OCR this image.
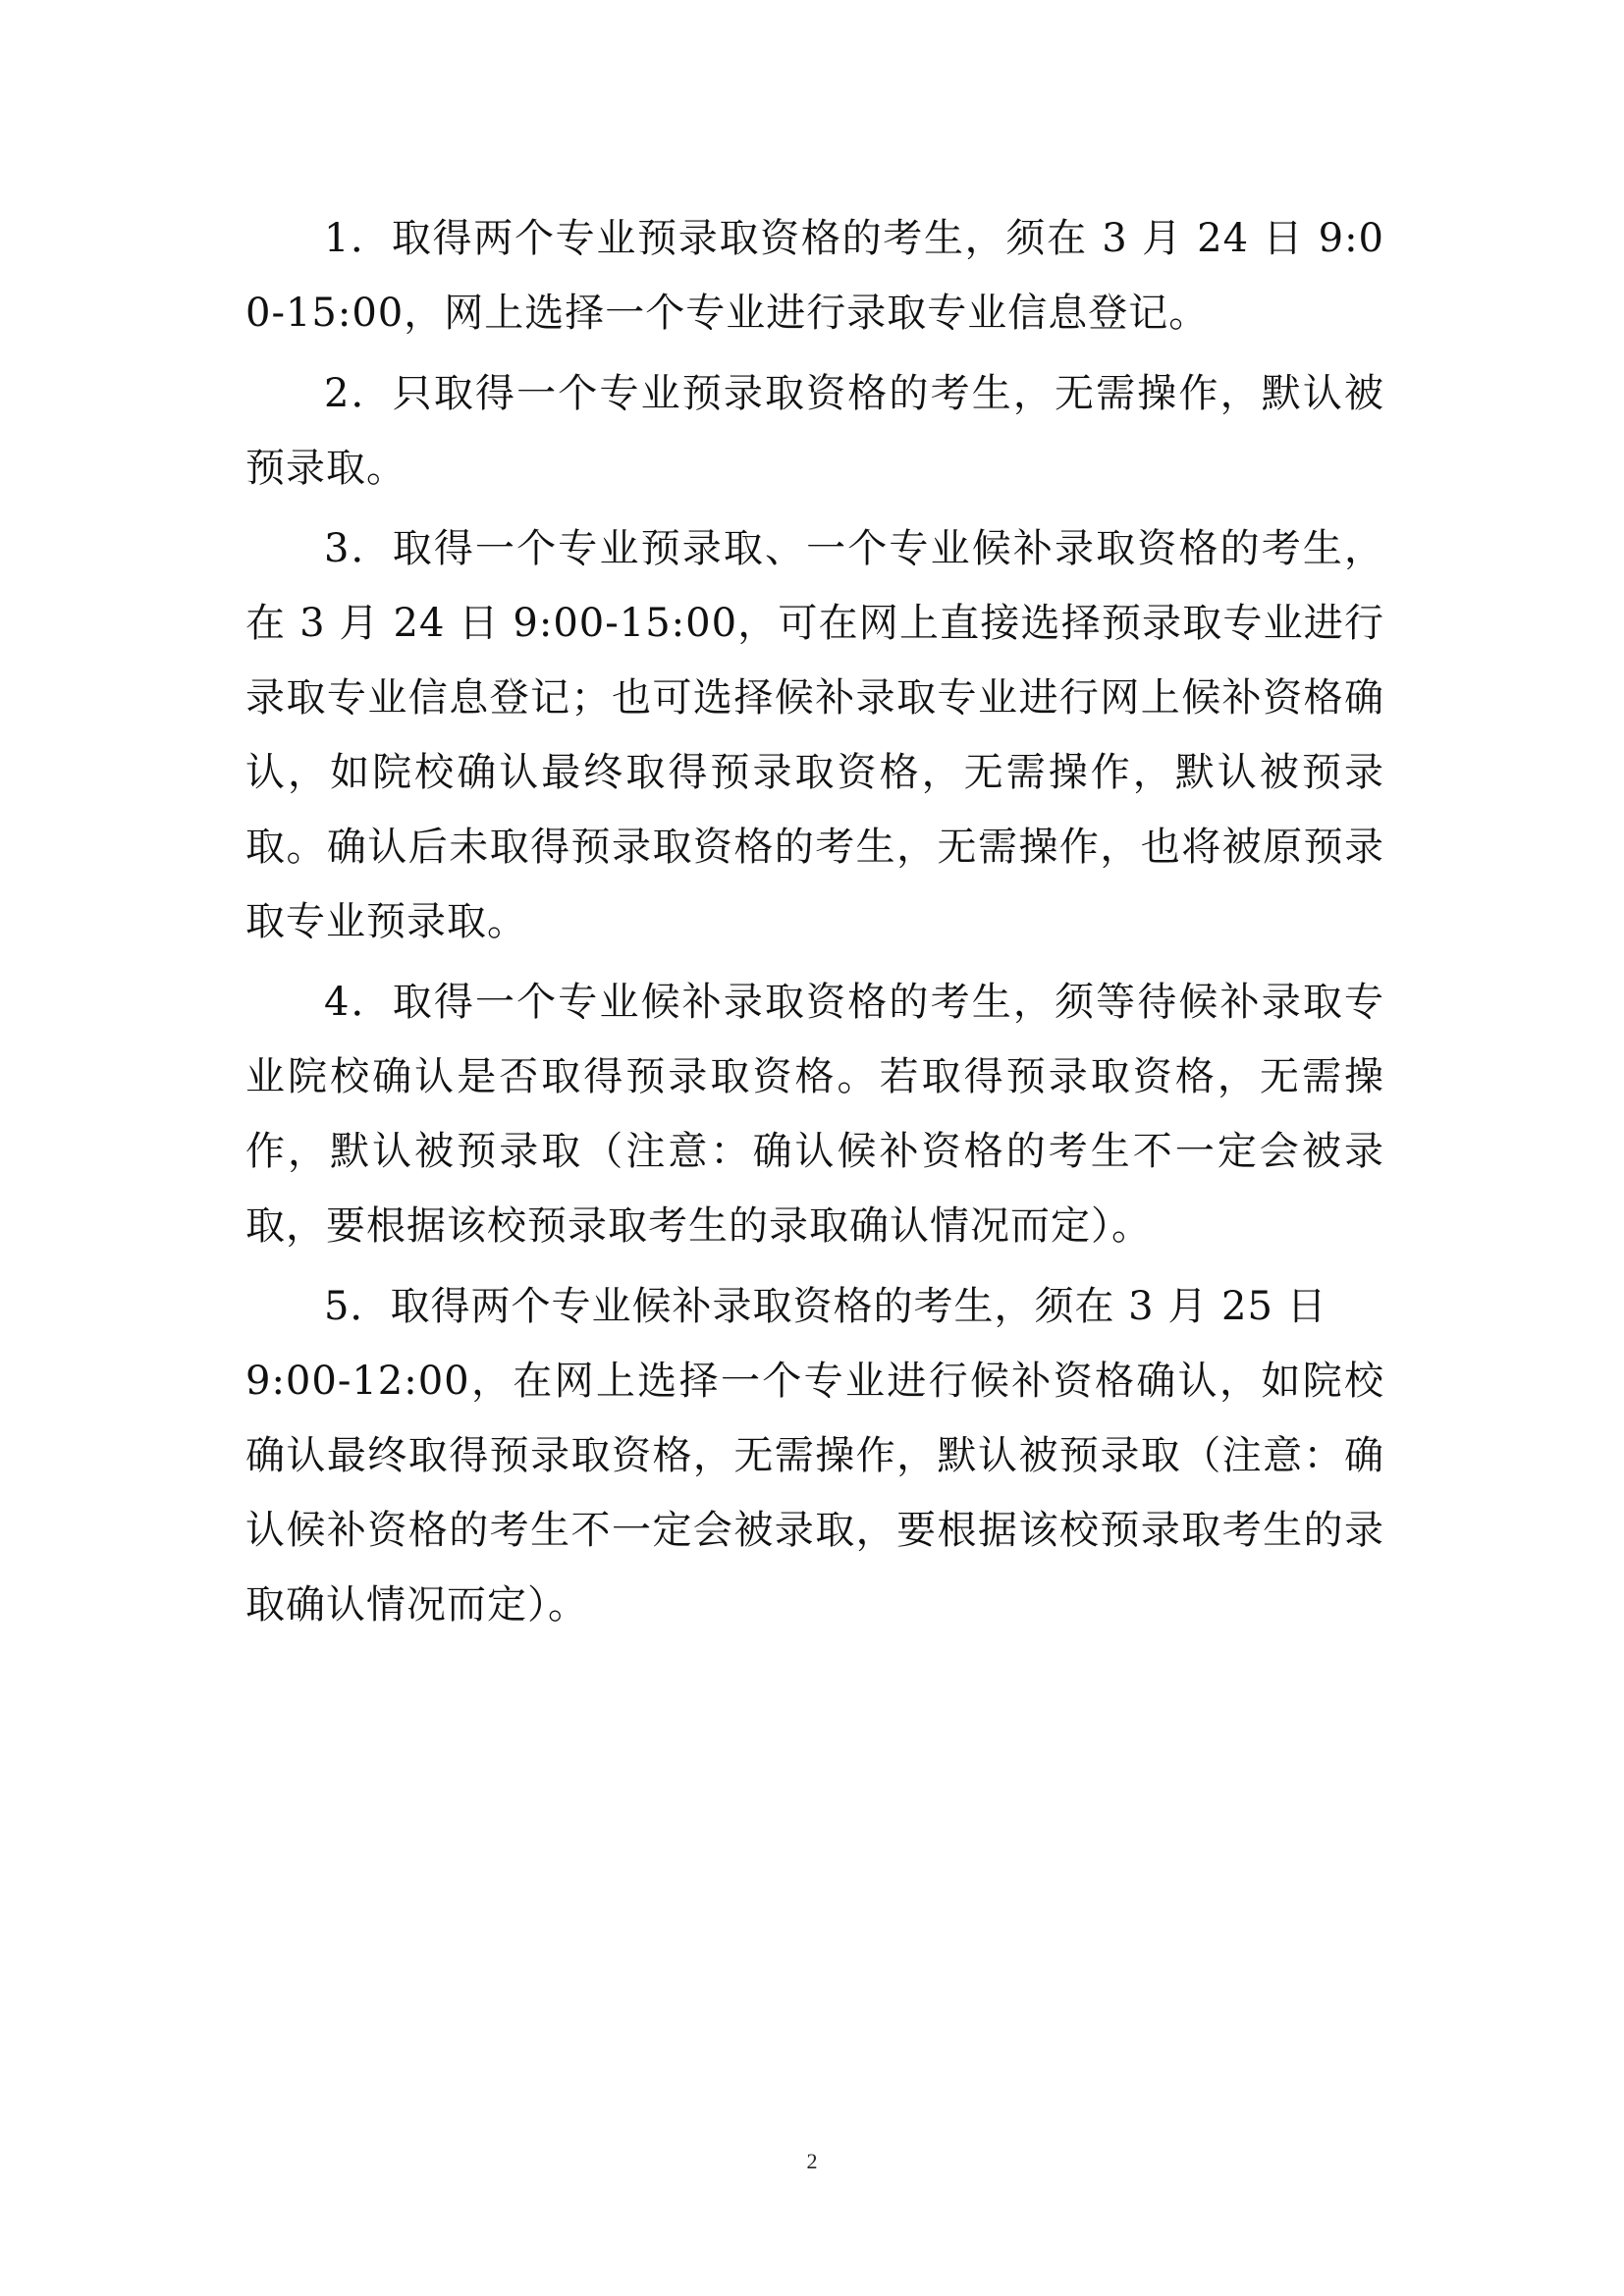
1．取得两个专业预录取资格的考生，须在 3 月 24 日 9:00-15:00，网上选择一个专业进行录取专业信息登记。

2．只取得一个专业预录取资格的考生，无需操作，默认被预录取。

3．取得一个专业预录取、一个专业候补录取资格的考生，在 3 月 24 日 9:00-15:00，可在网上直接选择预录取专业进行录取专业信息登记；也可选择候补录取专业进行网上候补资格确认，如院校确认最终取得预录取资格，无需操作，默认被预录取。确认后未取得预录取资格的考生，无需操作，也将被原预录取专业预录取。

4．取得一个专业候补录取资格的考生，须等待候补录取专业院校确认是否取得预录取资格。若取得预录取资格，无需操作，默认被预录取（注意：确认候补资格的考生不一定会被录取，要根据该校预录取考生的录取确认情况而定）。

5．取得两个专业候补录取资格的考生，须在 3 月 25 日
9:00-12:00，在网上选择一个专业进行候补资格确认，如院校确认最终取得预录取资格，无需操作，默认被预录取（注意：确认候补资格的考生不一定会被录取，要根据该校预录取考生的录取确认情况而定）。

2
